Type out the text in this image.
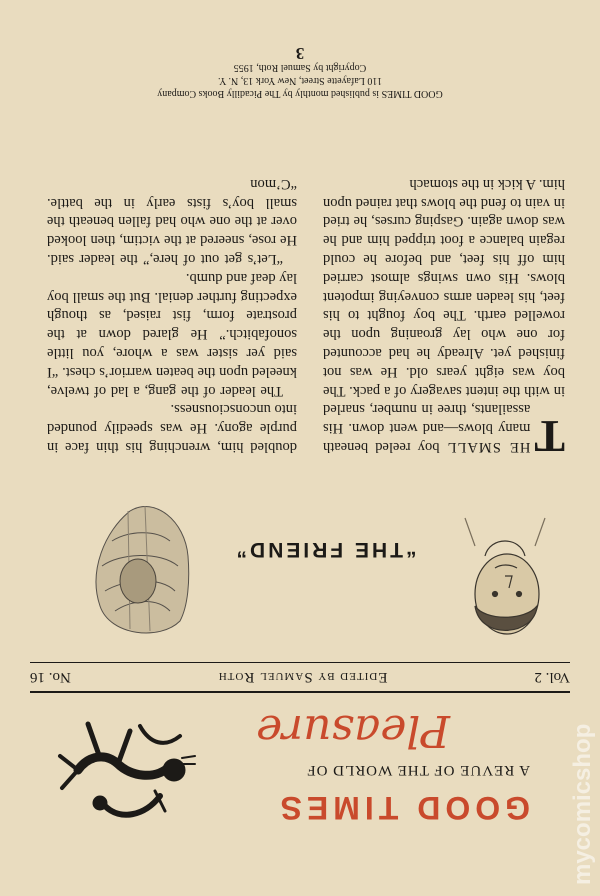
GOOD TIMES
A REVUE OF THE WORLD OF
Pleasure
Vol. 2
Edited by Samuel Roth
No. 16
“THE FRIEND”

T
HE SMALL boy reeled beneath many blows—and went down. His assailants, three in number, snarled in with the intent savagery of a pack. The boy was eight years old. He was not finished yet. Already he had accounted for one who lay groaning upon the rowelled earth. The boy fought to his feet, his leaden arms conveying impotent blows. His own swings almost carried him off his feet, and before he could regain balance a foot tripped him and he was down again. Gasping curses, he tried in vain to fend the blows that rained upon him. A kick in the stomach

doubled him, wrenching his thin face in purple agony. He was speedily pounded into unconsciousness.

The leader of the gang, a lad of twelve, kneeled upon the beaten warrior’s chest. “I said yer sister was a whore, you little sonofabitch.” He glared down at the prostrate form, fist raised, as though expecting further denial. But the small boy lay deaf and dumb.

“Let’s get out of here,” the leader said. He rose, sneered at the victim, then looked over at the one who had fallen beneath the small boy’s fists early in the battle. “C’mon

GOOD TIMES is published monthly by The Picadilly Books Company
110 Lafayette Street, New York 13, N. Y.
Copyright by Samuel Roth, 1955
3
mycomicshop
